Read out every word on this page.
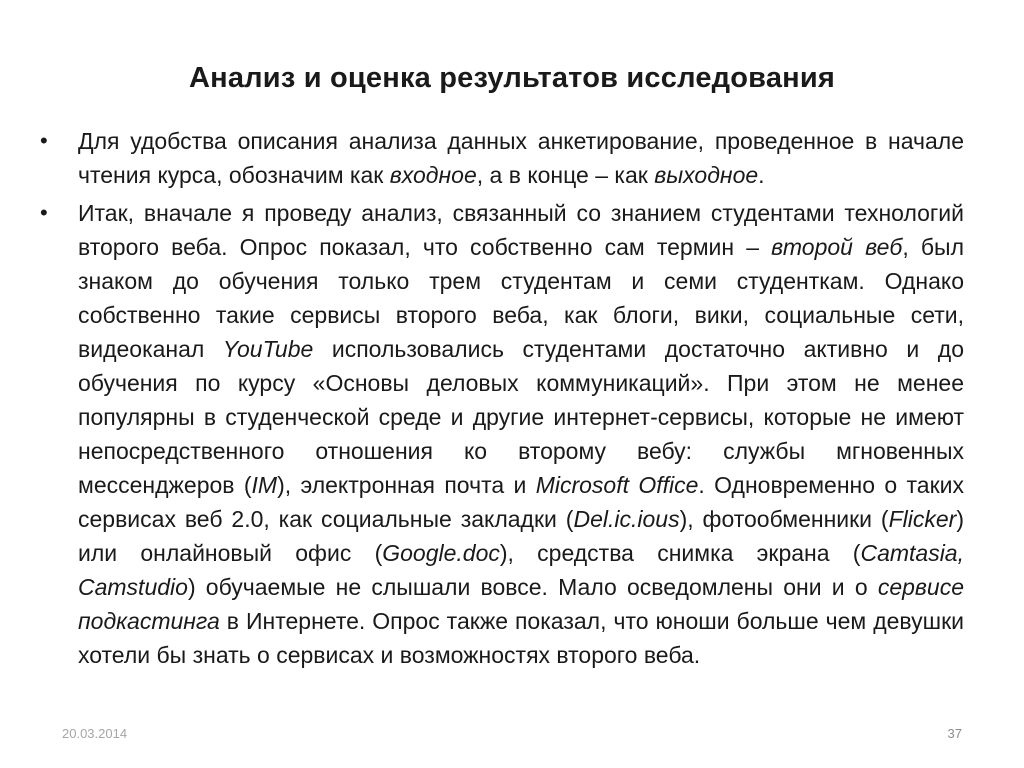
Анализ и оценка результатов исследования
• Для удобства описания анализа данных анкетирование, проведенное в начале чтения курса, обозначим как входное, а в конце – как выходное.
• Итак, вначале я проведу анализ, связанный со знанием студентами технологий второго веба. Опрос показал, что собственно сам термин – второй веб, был знаком до обучения только трем студентам и семи студенткам. Однако собственно такие сервисы второго веба, как блоги, вики, социальные сети, видеоканал YouTube использовались студентами достаточно активно и до обучения по курсу «Основы деловых коммуникаций». При этом не менее популярны в студенческой среде и другие интернет-сервисы, которые не имеют непосредственного отношения ко второму вебу: службы мгновенных мессенджеров (IM), электронная почта и Microsoft Office. Одновременно о таких сервисах веб 2.0, как социальные закладки (Del.ic.ious), фотообменники (Flicker) или онлайновый офис (Google.doc), средства снимка экрана (Camtasia, Camstudio) обучаемые не слышали вовсе. Мало осведомлены они и о сервисе подкастинга в Интернете. Опрос также показал, что юноши больше чем девушки хотели бы знать о сервисах и возможностях второго веба.
20.03.2014	37
